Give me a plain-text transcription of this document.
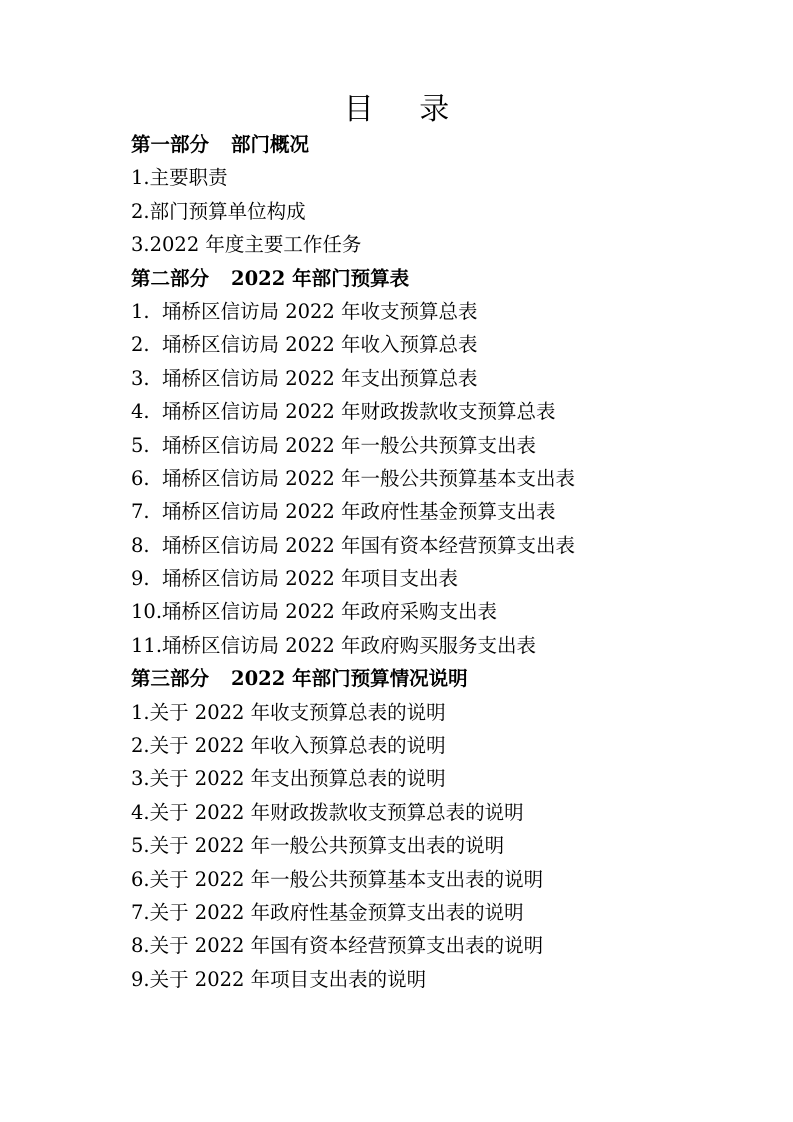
目 录
第一部分 部门概况
1.主要职责
2.部门预算单位构成
3.2022 年度主要工作任务
第二部分 2022 年部门预算表
1. 埇桥区信访局 2022 年收支预算总表
2. 埇桥区信访局 2022 年收入预算总表
3. 埇桥区信访局 2022 年支出预算总表
4. 埇桥区信访局 2022 年财政拨款收支预算总表
5. 埇桥区信访局 2022 年一般公共预算支出表
6. 埇桥区信访局 2022 年一般公共预算基本支出表
7. 埇桥区信访局 2022 年政府性基金预算支出表
8. 埇桥区信访局 2022 年国有资本经营预算支出表
9. 埇桥区信访局 2022 年项目支出表
10.埇桥区信访局 2022 年政府采购支出表
11.埇桥区信访局 2022 年政府购买服务支出表
第三部分 2022 年部门预算情况说明
1.关于 2022 年收支预算总表的说明
2.关于 2022 年收入预算总表的说明
3.关于 2022 年支出预算总表的说明
4.关于 2022 年财政拨款收支预算总表的说明
5.关于 2022 年一般公共预算支出表的说明
6.关于 2022 年一般公共预算基本支出表的说明
7.关于 2022 年政府性基金预算支出表的说明
8.关于 2022 年国有资本经营预算支出表的说明
9.关于 2022 年项目支出表的说明
